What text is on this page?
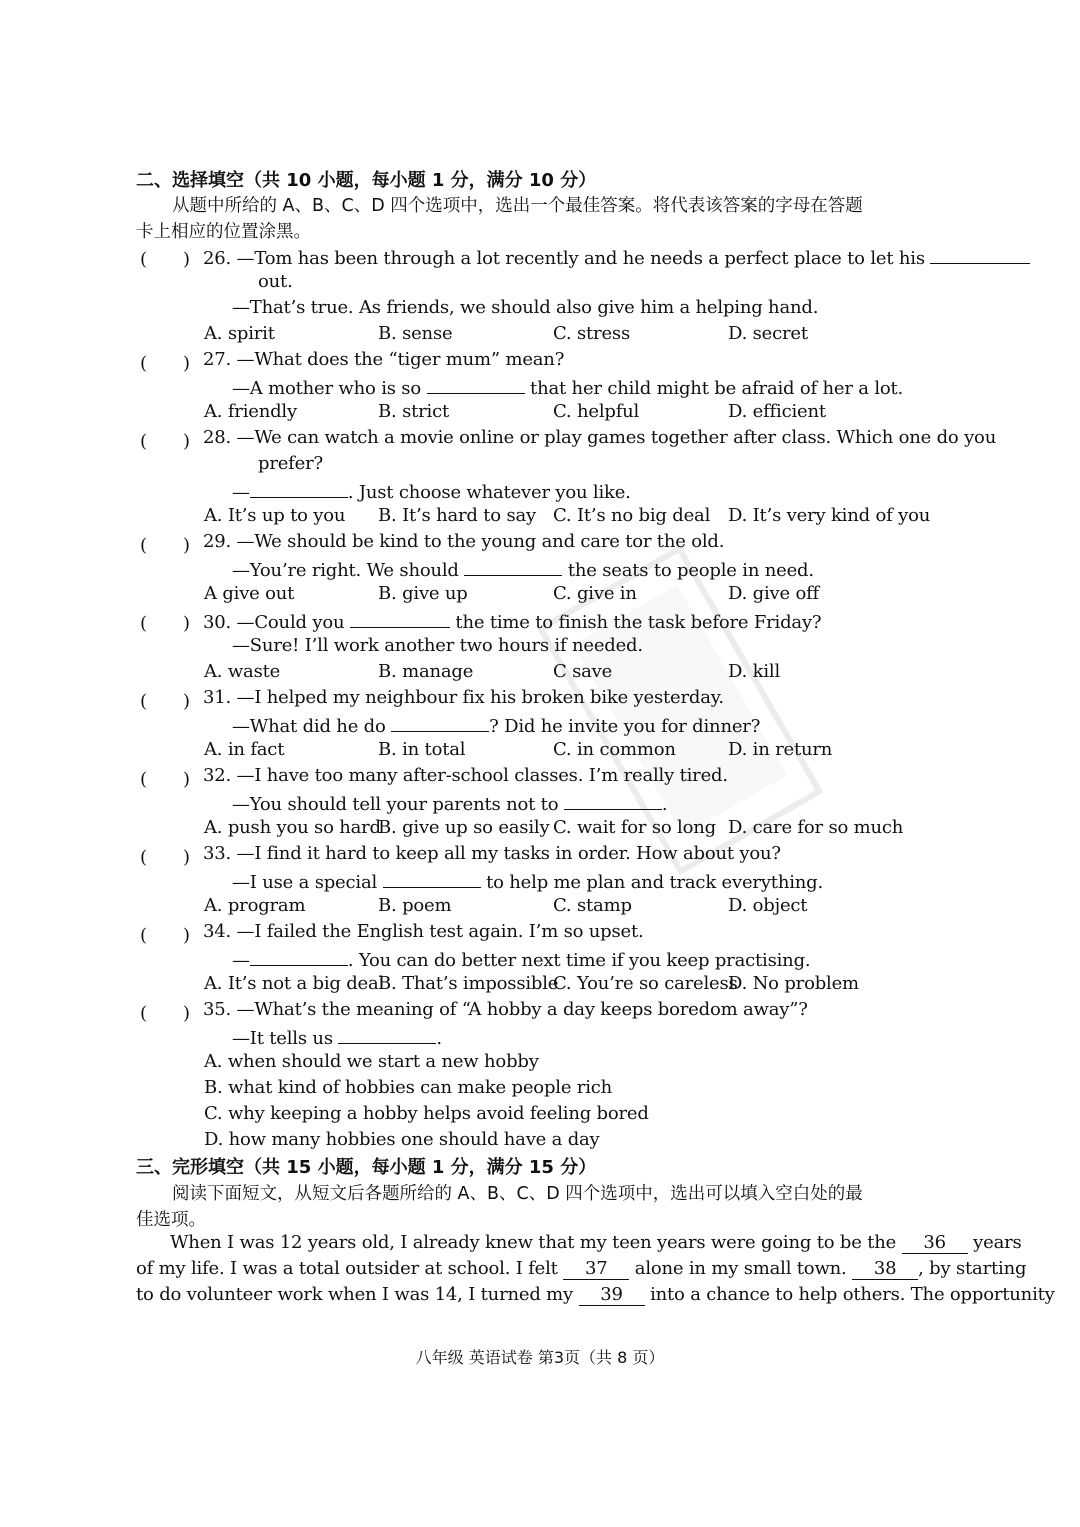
二、选择填空（共 10 小题，每小题 1 分，满分 10 分）
从题中所给的 A、B、C、D 四个选项中，选出一个最佳答案。将代表该答案的字母在答题
卡上相应的位置涂黑。
(　　) 26. —Tom has been through a lot recently and he needs a perfect place to let his
out.
—That’s true. As friends, we should also give him a helping hand.
A. spirit	B. sense	C. stress	D. secret
(　　) 27. —What does the “tiger mum” mean?
—A mother who is so	that her child might be afraid of her a lot.
A. friendly	B. strict	C. helpful	D. efficient
(　　) 28. —We can watch a movie online or play games together after class. Which one do you
prefer?
—	. Just choose whatever you like.
A. It’s up to you B. It’s hard to say C. It’s no big deal D. It’s very kind of you
(　　) 29. —We should be kind to the young and care tor the old.
—You’re right. We should	the seats to people in need.
A give out	B. give up	C. give in	D. give off
(　　) 30. —Could you	the time to finish the task before Friday?
—Sure! I’ll work another two hours if needed.
A. waste	B. manage	C save	D. kill
(　　) 31. —I helped my neighbour fix his broken bike yesterday.
—What did he do	? Did he invite you for dinner?
A. in fact	B. in total	C. in common	D. in return
(　　) 32. —I have too many after-school classes. I’m really tired.
—You should tell your parents not to	.
A. push you so hard
B. give up so easily C. wait for so long D. care for so much
(　　) 33. —I find it hard to keep all my tasks in order. How about you?
—I use a special	to help me plan and track everything.
A. program	B. poem	C. stamp	D. object
(　　) 34. —I failed the English test again. I’m so upset.
—	. You can do better next time if you keep practising.
A. It’s not a big deal
B. That’s impossible
C. You’re so careless
D. No problem
(　　) 35. —What’s the meaning of “A hobby a day keeps boredom away”?
—It tells us	.
A. when should we start a new hobby
B. what kind of hobbies can make people rich
C. why keeping a hobby helps avoid feeling bored
D. how many hobbies one should have a day
三、完形填空（共 15 小题，每小题 1 分，满分 15 分）
阅读下面短文，从短文后各题所给的 A、B、C、D 四个选项中，选出可以填入空白处的最
佳选项。
When I was 12 years old, I already knew that my teen years were going to be the 36 years
of my life. I was a total outsider at school. I felt 37 alone in my small town. 38 , by starting
to do volunteer work when I was 14, I turned my 39 into a chance to help others. The opportunity
八年级 英语试卷 第3页（共 8 页）
